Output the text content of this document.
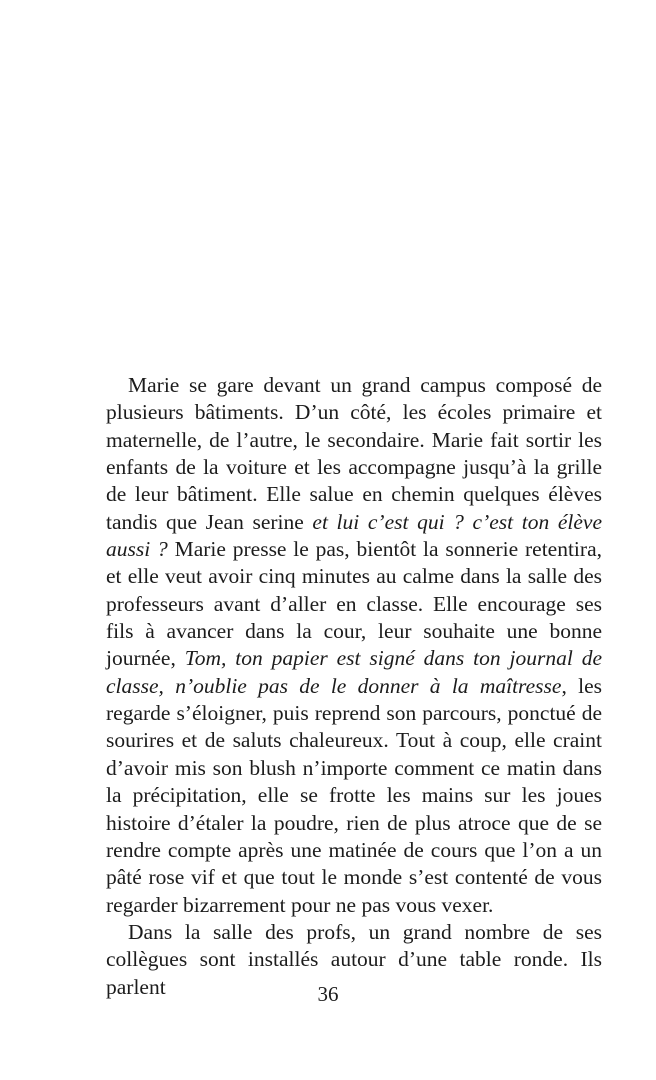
Marie se gare devant un grand campus composé de plusieurs bâtiments. D’un côté, les écoles primaire et maternelle, de l’autre, le secondaire. Marie fait sortir les enfants de la voiture et les accompagne jusqu’à la grille de leur bâtiment. Elle salue en chemin quelques élèves tandis que Jean serine et lui c’est qui ? c’est ton élève aussi ? Marie presse le pas, bientôt la sonnerie retentira, et elle veut avoir cinq minutes au calme dans la salle des professeurs avant d’aller en classe. Elle encourage ses fils à avancer dans la cour, leur souhaite une bonne journée, Tom, ton papier est signé dans ton journal de classe, n’oublie pas de le donner à la maîtresse, les regarde s’éloigner, puis reprend son parcours, ponctué de sourires et de saluts chaleureux. Tout à coup, elle craint d’avoir mis son blush n’importe comment ce matin dans la précipitation, elle se frotte les mains sur les joues histoire d’étaler la poudre, rien de plus atroce que de se rendre compte après une matinée de cours que l’on a un pâté rose vif et que tout le monde s’est contenté de vous regarder bizarrement pour ne pas vous vexer.

Dans la salle des profs, un grand nombre de ses collègues sont installés autour d’une table ronde. Ils parlent	36
